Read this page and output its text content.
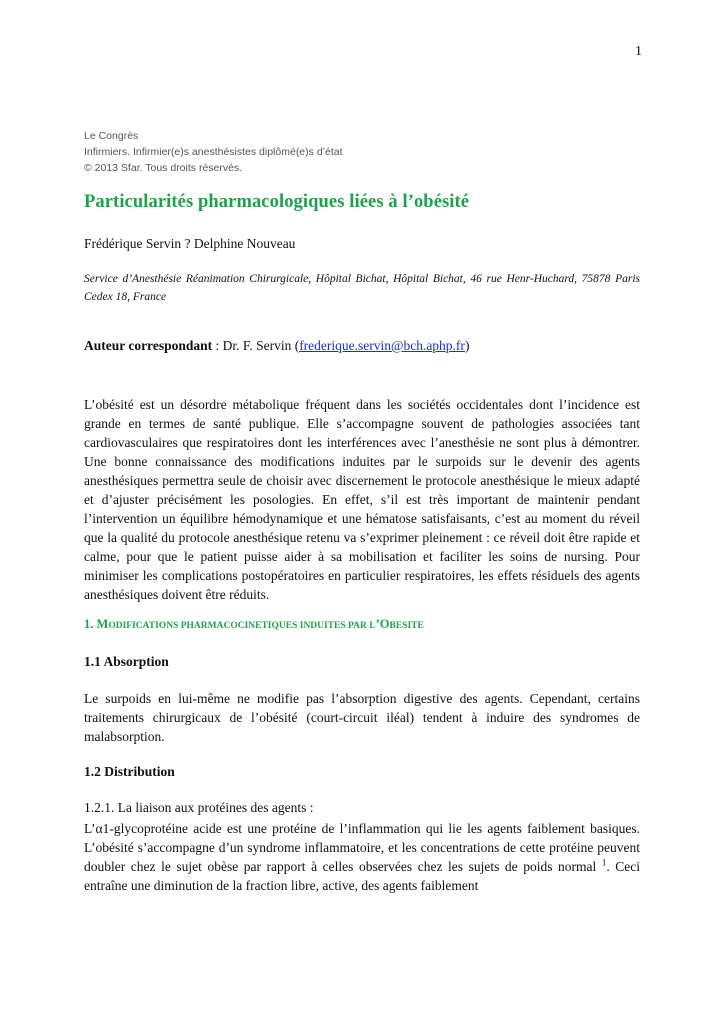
1
Le Congrès
Infirmiers. Infirmier(e)s anesthésistes diplômé(e)s d’état
© 2013 Sfar. Tous droits réservés.
Particularités pharmacologiques liées à l’obésité
Frédérique Servin ? Delphine Nouveau
Service d’Anesthésie Réanimation Chirurgicale, Hôpital Bichat, Hôpital Bichat, 46 rue Henr-Huchard, 75878 Paris Cedex 18, France
Auteur correspondant : Dr. F. Servin (frederique.servin@bch.aphp.fr)
L’obésité est un désordre métabolique fréquent dans les sociétés occidentales dont l’incidence est grande en termes de santé publique. Elle s’accompagne souvent de pathologies associées tant cardiovasculaires que respiratoires dont les interférences avec l’anesthésie ne sont plus à démontrer. Une bonne connaissance des modifications induites par le surpoids sur le devenir des agents anesthésiques permettra seule de choisir avec discernement le protocole anesthésique le mieux adapté et d’ajuster précisément les posologies. En effet, s’il est très important de maintenir pendant l’intervention un équilibre hémodynamique et une hématose satisfaisants, c’est au moment du réveil que la qualité du protocole anesthésique retenu va s’exprimer pleinement : ce réveil doit être rapide et calme, pour que le patient puisse aider à sa mobilisation et faciliter les soins de nursing. Pour minimiser les complications postopératoires en particulier respiratoires, les effets résiduels des agents anesthésiques doivent être réduits.
1. MODIFICATIONS PHARMACOCINETIQUES INDUITES PAR L’OBESITE
1.1 Absorption
Le surpoids en lui-même ne modifie pas l’absorption digestive des agents. Cependant, certains traitements chirurgicaux de l’obésité (court-circuit iléal) tendent à induire des syndromes de malabsorption.
1.2 Distribution
1.2.1. La liaison aux protéines des agents :
L’α1-glycoprotéine acide est une protéine de l’inflammation qui lie les agents faiblement basiques. L’obésité s’accompagne d’un syndrome inflammatoire, et les concentrations de cette protéine peuvent doubler chez le sujet obèse par rapport à celles observées chez les sujets de poids normal $^1$. Ceci entraîne une diminution de la fraction libre, active, des agents faiblement
